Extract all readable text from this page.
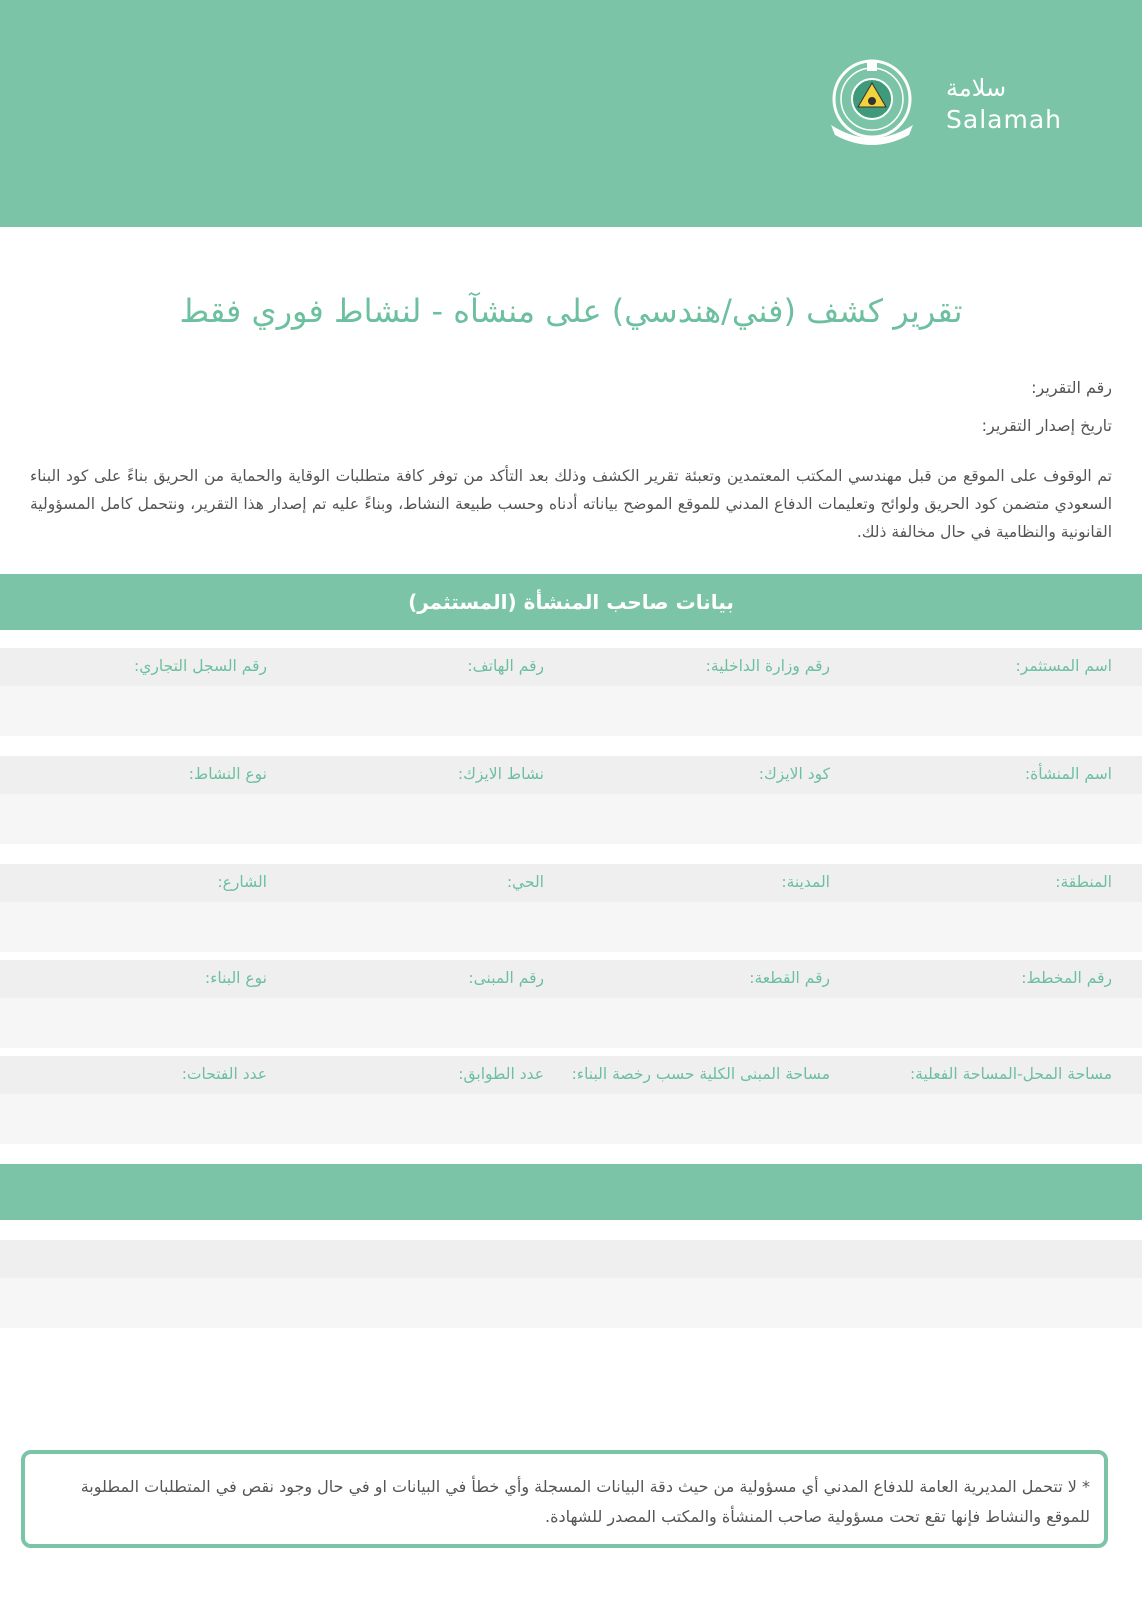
سلامة
Salamah
تقرير كشف (فني/هندسي) على منشآه - لنشاط فوري فقط
رقم التقرير:
تاريخ إصدار التقرير:
تم الوقوف على الموقع من قبل مهندسي المكتب المعتمدين وتعبئة تقرير الكشف وذلك بعد التأكد من توفر كافة متطلبات الوقاية والحماية من الحريق بناءً على كود البناء السعودي متضمن كود الحريق ولوائح وتعليمات الدفاع المدني للموقع الموضح بياناته أدناه وحسب طبيعة النشاط، وبناءً عليه تم إصدار هذا التقرير، ونتحمل كامل المسؤولية القانونية والنظامية في حال مخالفة ذلك.
بيانات صاحب المنشأة (المستثمر)
اسم المستثمر:
رقم وزارة الداخلية:
رقم الهاتف:
رقم السجل التجاري:
اسم المنشأة:
كود الايزك:
نشاط الايزك:
نوع النشاط:
المنطقة:
المدينة:
الحي:
الشارع:
رقم المخطط:
رقم القطعة:
رقم المبنى:
نوع البناء:
مساحة المحل-المساحة الفعلية:
مساحة المبنى الكلية حسب رخصة البناء:
عدد الطوابق:
عدد الفتحات:
* لا تتحمل المديرية العامة للدفاع المدني أي مسؤولية من حيث دقة البيانات المسجلة وأي خطأ في البيانات او في حال وجود نقص في المتطلبات المطلوبة للموقع والنشاط فإنها تقع تحت مسؤولية صاحب المنشأة والمكتب المصدر للشهادة.
